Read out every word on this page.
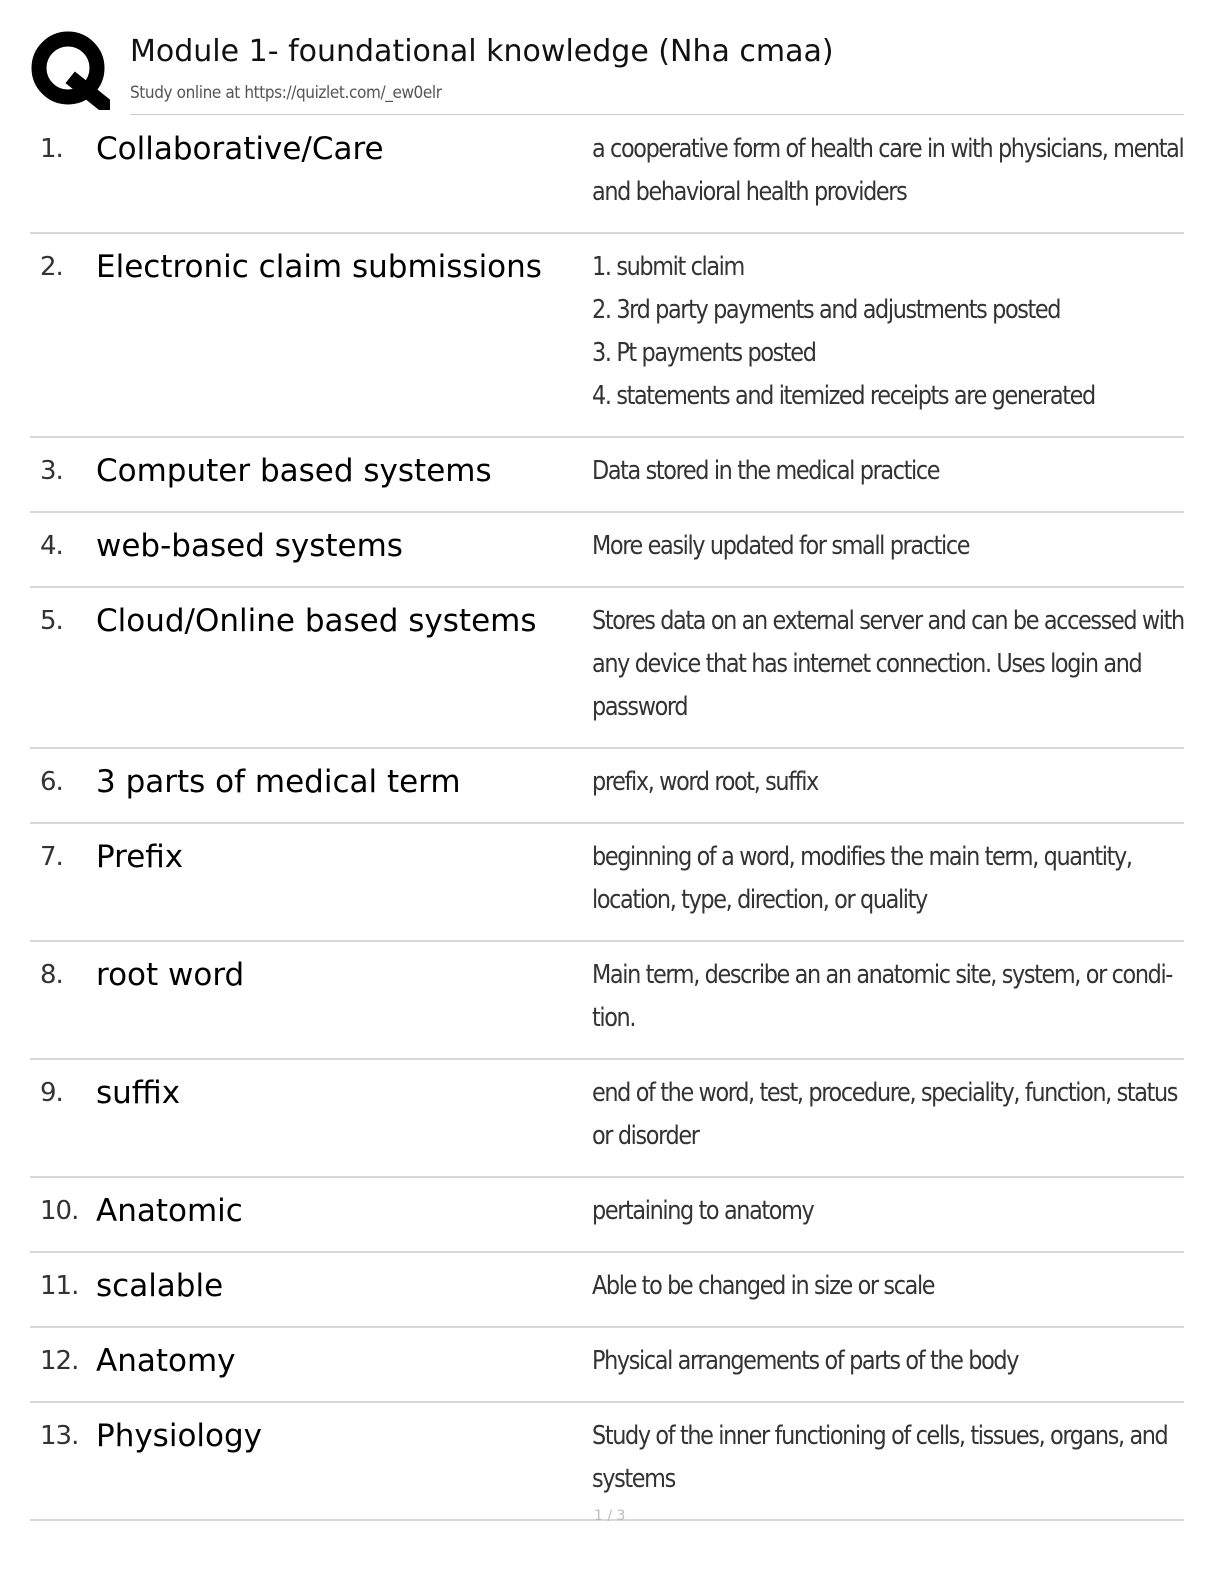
Module 1- foundational knowledge (Nha cmaa)
Study online at https://quizlet.com/_ew0elr
1. Collaborative/Care	a cooperative form of health care in with physicians, mental
and behavioral health providers
2. Electronic claim submissions	1. submit claim
2. 3rd party payments and adjustments posted
3. Pt payments posted
4. statements and itemized receipts are generated
3. Computer based systems	Data stored in the medical practice
4. web-based systems	More easily updated for small practice
5. Cloud/Online based systems	Stores data on an external server and can be accessed with
any device that has internet connection. Uses login and
password
6. 3 parts of medical term	prefix, word root, suffix
7. Prefix	beginning of a word, modifies the main term, quantity,
location, type, direction, or quality
8. root word	Main term, describe an an anatomic site, system, or condi-
tion.
9. suffix	end of the word, test, procedure, speciality, function, status
or disorder
10. Anatomic	pertaining to anatomy
11. scalable	Able to be changed in size or scale
12. Anatomy	Physical arrangements of parts of the body
13. Physiology	Study of the inner functioning of cells, tissues, organs, and
systems
1 / 3
